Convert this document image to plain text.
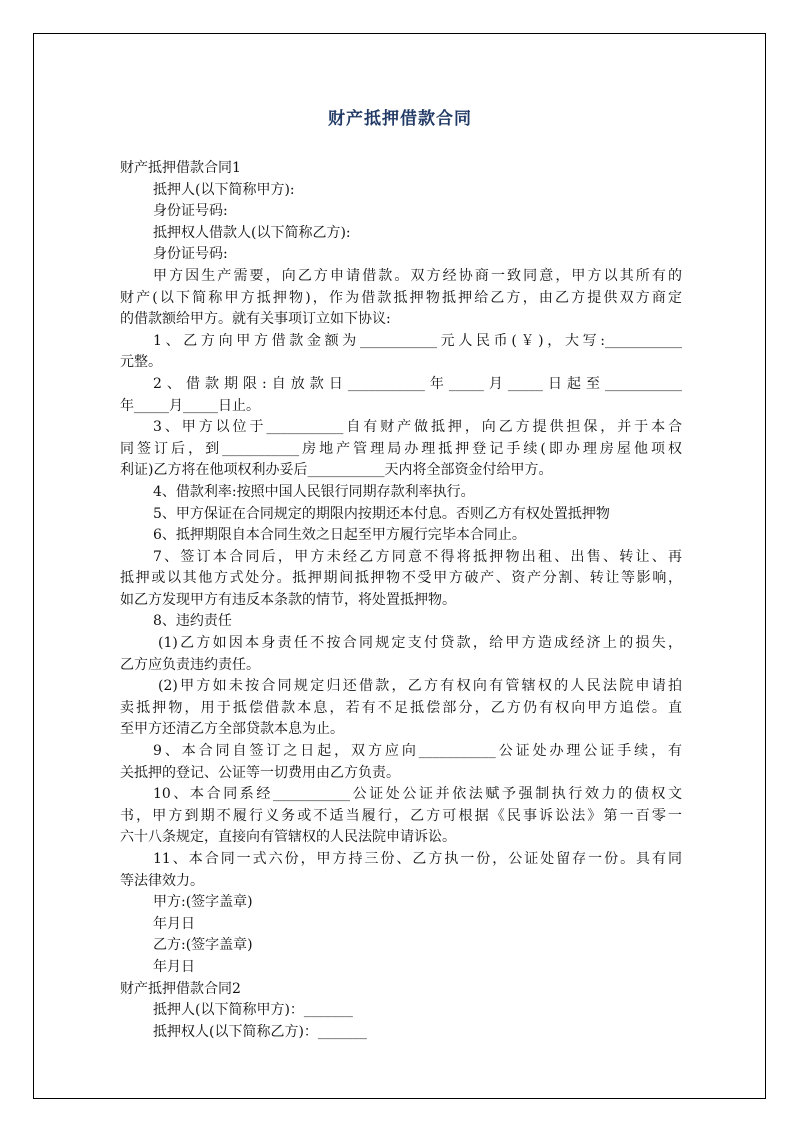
财产抵押借款合同
财产抵押借款合同1
抵押人(以下简称甲方):
身份证号码:
抵押权人借款人(以下简称乙方):
身份证号码:
甲方因生产需要，向乙方申请借款。双方经协商一致同意，甲方以其所有的
财产(以下简称甲方抵押物)，作为借款抵押物抵押给乙方，由乙方提供双方商定
的借款额给甲方。就有关事项订立如下协议:
1、乙方向甲方借款金额为___________元人民币(￥)，大写:___________
元整。
2、借款期限:自放款日___________年_____月_____日起至___________
年_____月_____日止。
3、甲方以位于___________自有财产做抵押，向乙方提供担保，并于本合
同签订后，到___________房地产管理局办理抵押登记手续(即办理房屋他项权
利证)乙方将在他项权利办妥后___________天内将全部资金付给甲方。
4、借款利率:按照中国人民银行同期存款利率执行。
5、甲方保证在合同规定的期限内按期还本付息。否则乙方有权处置抵押物
6、抵押期限自本合同生效之日起至甲方履行完毕本合同止。
7、签订本合同后，甲方未经乙方同意不得将抵押物出租、出售、转让、再
抵押或以其他方式处分。抵押期间抵押物不受甲方破产、资产分割、转让等影响，
如乙方发现甲方有违反本条款的情节，将处置抵押物。
8、违约责任
(1)乙方如因本身责任不按合同规定支付贷款，给甲方造成经济上的损失，
乙方应负责违约责任。
(2)甲方如未按合同规定归还借款，乙方有权向有管辖权的人民法院申请拍
卖抵押物，用于抵偿借款本息，若有不足抵偿部分，乙方仍有权向甲方追偿。直
至甲方还清乙方全部贷款本息为止。
9、本合同自签订之日起，双方应向___________公证处办理公证手续，有
关抵押的登记、公证等一切费用由乙方负责。
10、本合同系经___________公证处公证并依法赋予强制执行效力的债权文
书，甲方到期不履行义务或不适当履行，乙方可根据《民事诉讼法》第一百零一
六十八条规定，直接向有管辖权的人民法院申请诉讼。
11、本合同一式六份，甲方持三份、乙方执一份，公证处留存一份。具有同
等法律效力。
甲方:(签字盖章)
年月日
乙方:(签字盖章)
年月日
财产抵押借款合同2
抵押人(以下简称甲方)：_______
抵押权人(以下简称乙方)：_______
